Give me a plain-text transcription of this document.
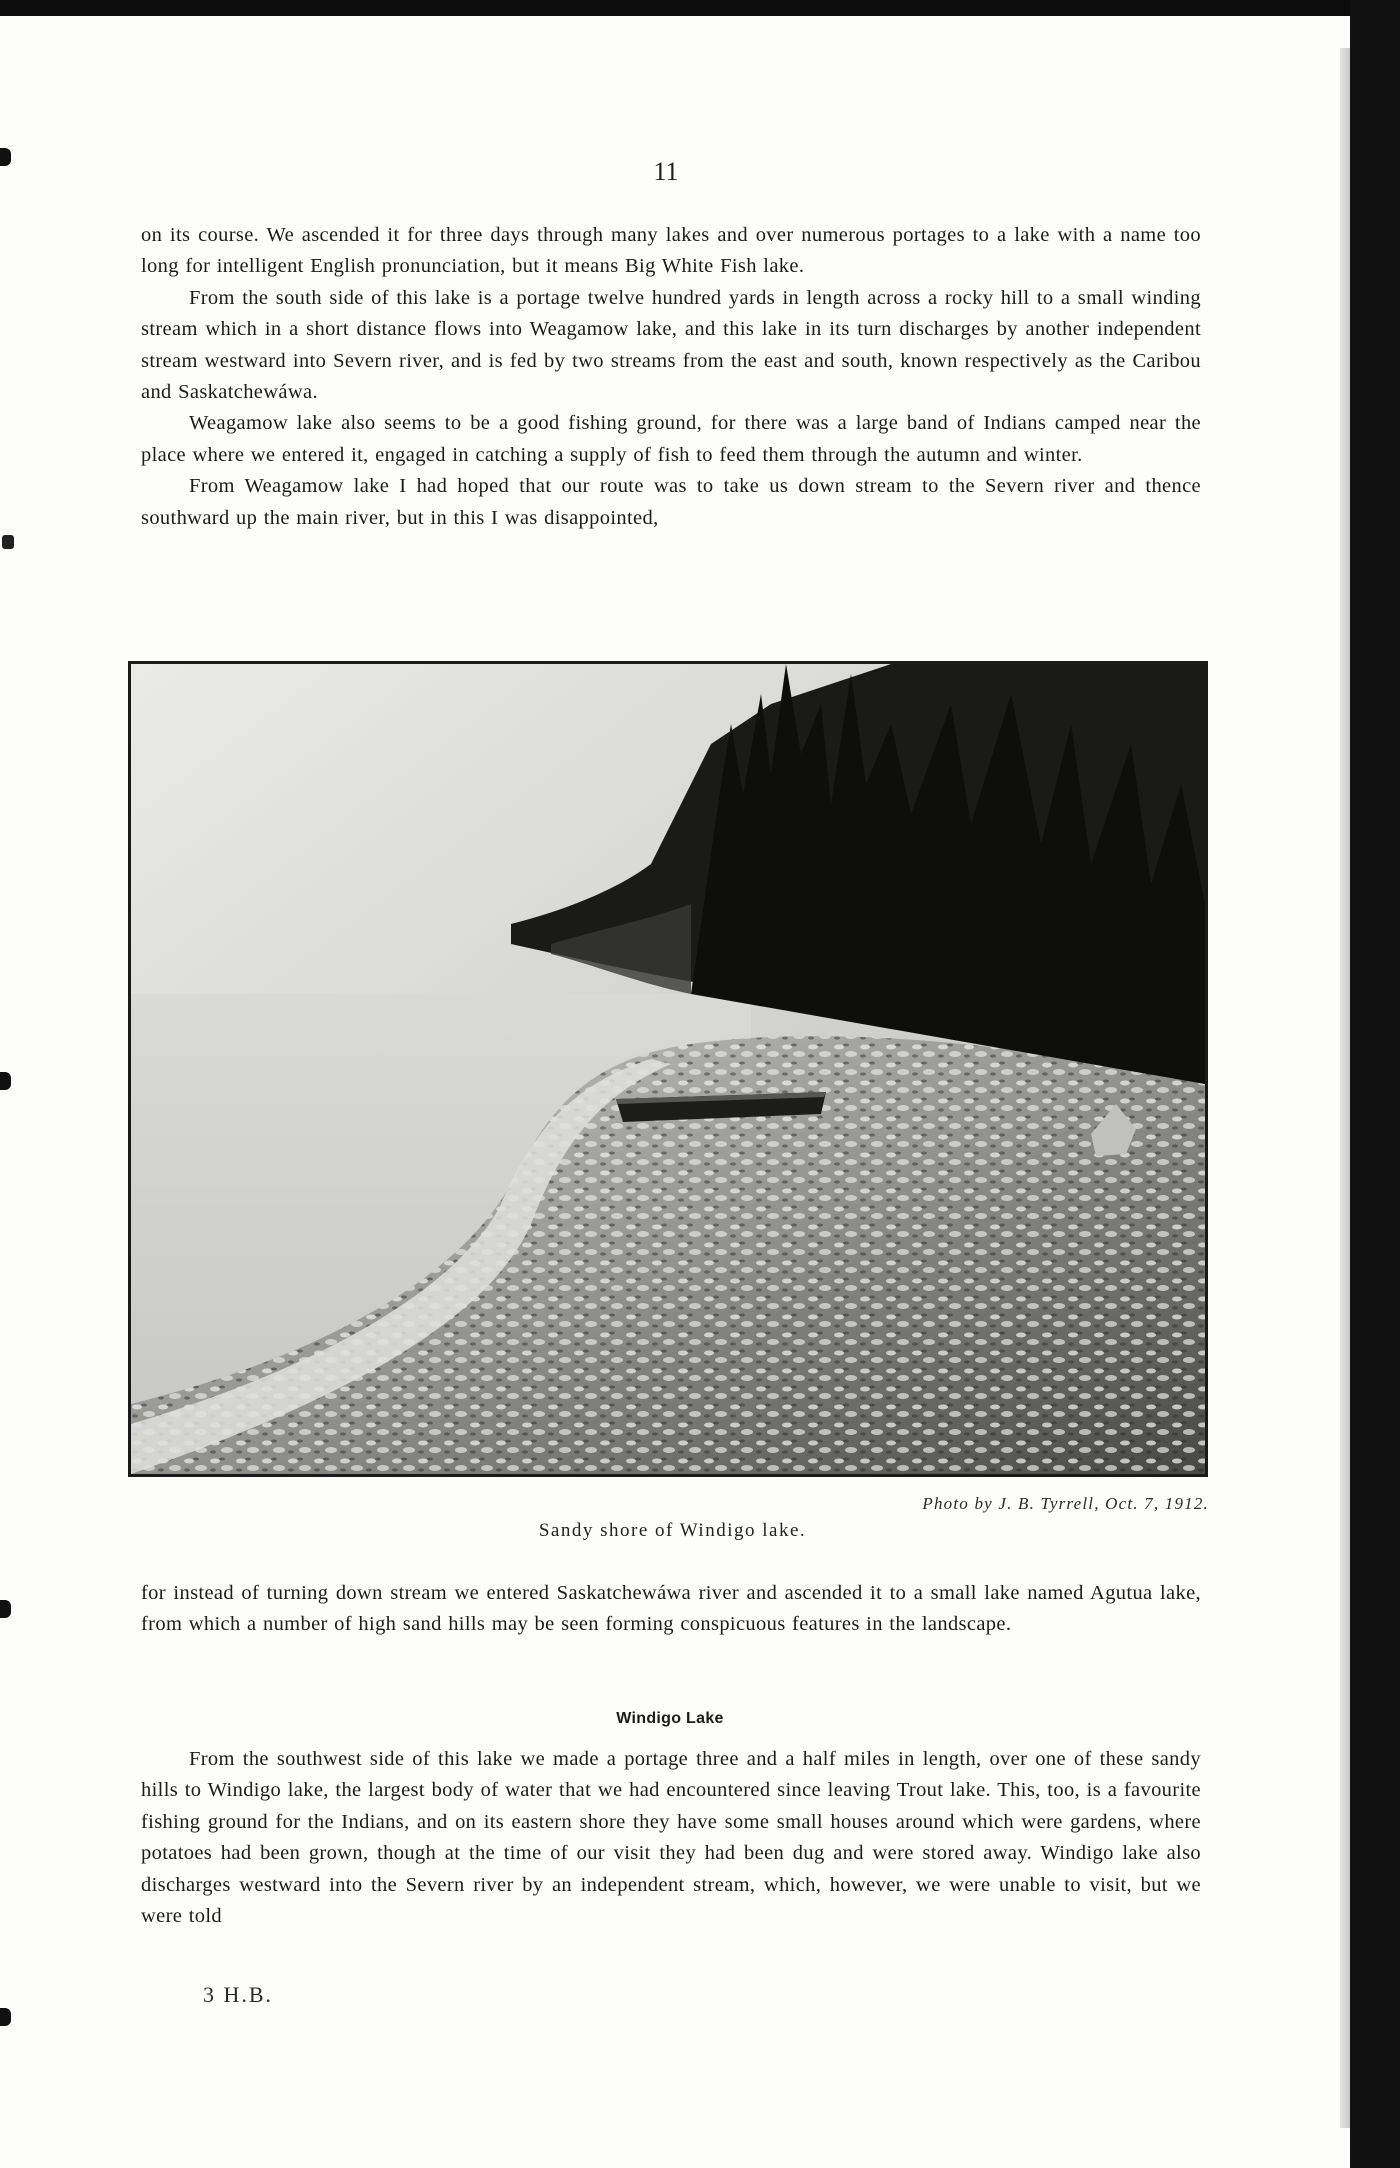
11

on its course. We ascended it for three days through many lakes and over numerous portages to a lake with a name too long for intelligent English pronunciation, but it means Big White Fish lake.

From the south side of this lake is a portage twelve hundred yards in length across a rocky hill to a small winding stream which in a short distance flows into Weagamow lake, and this lake in its turn discharges by another independent stream westward into Severn river, and is fed by two streams from the east and south, known respectively as the Caribou and Saskatchewáwa.

Weagamow lake also seems to be a good fishing ground, for there was a large band of Indians camped near the place where we entered it, engaged in catching a supply of fish to feed them through the autumn and winter.

From Weagamow lake I had hoped that our route was to take us down stream to the Severn river and thence southward up the main river, but in this I was disappointed,

Photo by J. B. Tyrrell, Oct. 7, 1912.
Sandy shore of Windigo lake.

for instead of turning down stream we entered Saskatchewáwa river and ascended it to a small lake named Agutua lake, from which a number of high sand hills may be seen forming conspicuous features in the landscape.

Windigo Lake

From the southwest side of this lake we made a portage three and a half miles in length, over one of these sandy hills to Windigo lake, the largest body of water that we had encountered since leaving Trout lake. This, too, is a favourite fishing ground for the Indians, and on its eastern shore they have some small houses around which were gardens, where potatoes had been grown, though at the time of our visit they had been dug and were stored away. Windigo lake also discharges westward into the Severn river by an independent stream, which, however, we were unable to visit, but we were told

3 H.B.
